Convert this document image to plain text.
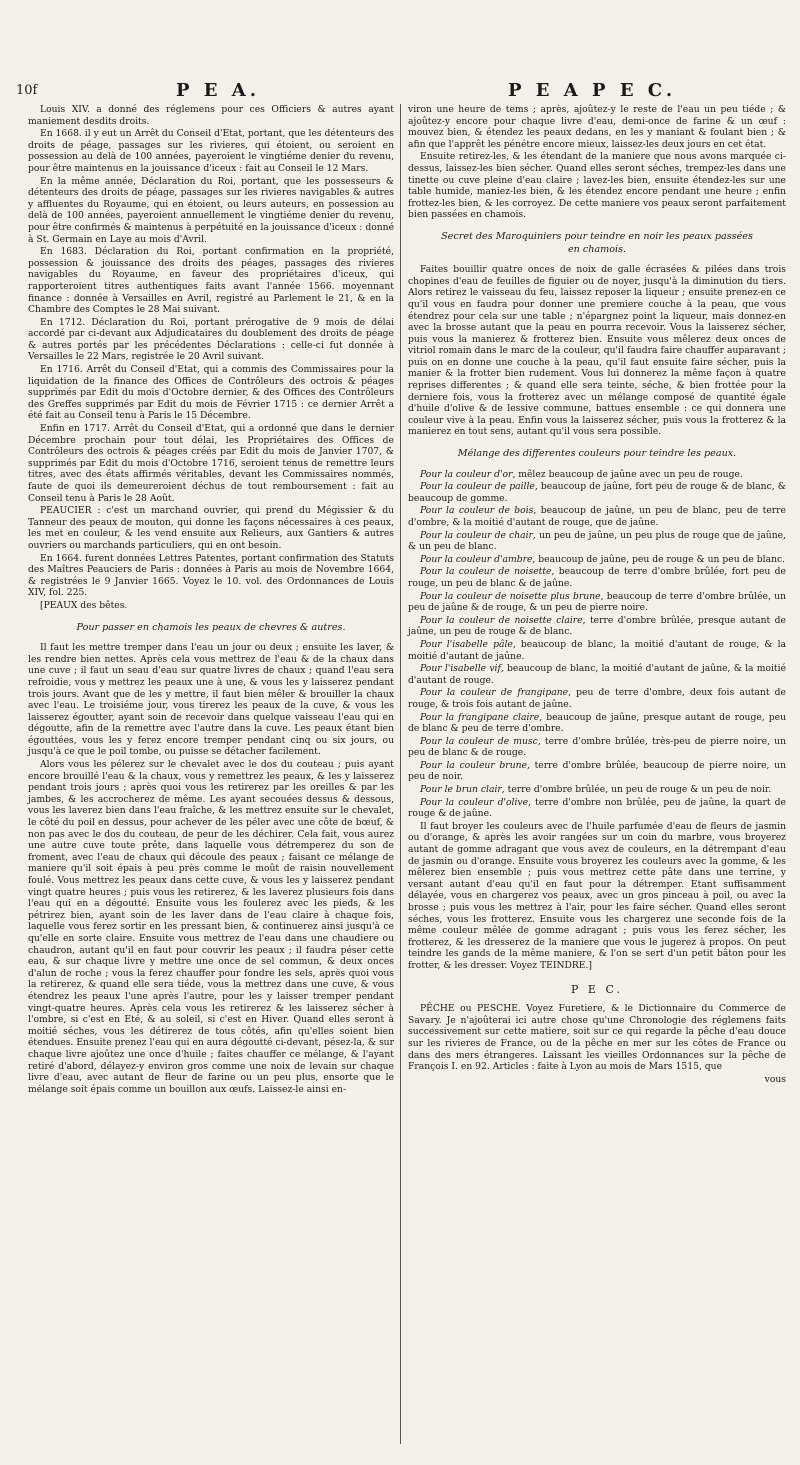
10f	P E A.	P E A P E C.

Louis XIV. a donné des réglemens pour ces Officiers & autres ayant maniement desdits droits.

En 1668. il y eut un Arrêt du Conseil d'Etat, portant, que les détenteurs des droits de péage, passages sur les rivieres, qui étoient, ou seroient en possession au delà de 100 années, payeroient le vingtiéme denier du revenu, pour être maintenus en la jouissance d'iceux : fait au Conseil le 12 Mars.

En la même année, Déclaration du Roi, portant, que les possesseurs & détenteurs des droits de péage, passages sur les rivieres navigables & autres y affluentes du Royaume, qui en étoient, ou leurs auteurs, en possession au delà de 100 années, payeroient annuellement le vingtiéme denier du revenu, pour être confirmés & maintenus à perpétuité en la jouissance d'iceux : donné à St. Germain en Laye au mois d'Avril.

En 1683. Déclaration du Roi, portant confirmation en la propriété, possession & jouissance des droits des péages, passages des rivieres navigables du Royaume, en faveur des propriétaires d'iceux, qui rapporteroient titres authentiques faits avant l'année 1566. moyennant finance : donnée à Versailles en Avril, registré au Parlement le 21, & en la Chambre des Comptes le 28 Mai suivant.

En 1712. Déclaration du Roi, portant prérogative de 9 mois de délai accordé par ci-devant aux Adjudicataires du doublement des droits de péage & autres portés par les précédentes Déclarations : celle-ci fut donnée à Versailles le 22 Mars, registrée le 20 Avril suivant.

En 1716. Arrêt du Conseil d'Etat, qui a commis des Commissaires pour la liquidation de la finance des Offices de Contrôleurs des octrois & péages supprimés par Edit du mois d'Octobre dernier, & des Offices des Contrôleurs des Greffes supprimés par Edit du mois de Février 1715 : ce dernier Arrêt a été fait au Conseil tenu à Paris le 15 Décembre.

Enfin en 1717. Arrêt du Conseil d'Etat, qui a ordonné que dans le dernier Décembre prochain pour tout délai, les Propriétaires des Offices de Contrôleurs des octrois & péages créés par Edit du mois de Janvier 1707, & supprimés par Edit du mois d'Octobre 1716, seroient tenus de remettre leurs titres, avec des états affirmés véritables, devant les Commissaires nommés, faute de quoi ils demeureroient déchus de tout remboursement : fait au Conseil tenu à Paris le 28 Août.

PEAUCIER : c'est un marchand ouvrier, qui prend du Mégissier & du Tanneur des peaux de mouton, qui donne les façons nécessaires à ces peaux, les met en couleur, & les vend ensuite aux Relieurs, aux Gantiers & autres ouvriers ou marchands particuliers, qui en ont besoin.

En 1664. furent données Lettres Patentes, portant confirmation des Statuts des Maîtres Peauciers de Paris : données à Paris au mois de Novembre 1664, & registrées le 9 Janvier 1665. Voyez le 10. vol. des Ordonnances de Louis XIV, fol. 225.

[PEAUX des bêtes.

Pour passer en chamois les peaux de chevres & autres.

Il faut les mettre tremper dans l'eau un jour ou deux ; ensuite les laver, & les rendre bien nettes. Après cela vous mettrez de l'eau & de la chaux dans une cuve ; il faut un seau d'eau sur quatre livres de chaux ; quand l'eau sera refroidie, vous y mettrez les peaux une à une, & vous les y laisserez pendant trois jours. Avant que de les y mettre, il faut bien mêler & brouiller la chaux avec l'eau. Le troisiéme jour, vous tirerez les peaux de la cuve, & vous les laisserez égoutter, ayant soin de recevoir dans quelque vaisseau l'eau qui en dégoutte, afin de la remettre avec l'autre dans la cuve. Les peaux étant bien égouttées, vous les y ferez encore tremper pendant cinq ou six jours, ou jusqu'à ce que le poil tombe, ou puisse se détacher facilement.

Alors vous les pélerez sur le chevalet avec le dos du couteau ; puis ayant encore brouillé l'eau & la chaux, vous y remettrez les peaux, & les y laisserez pendant trois jours ; après quoi vous les retirerez par les oreilles & par les jambes, & les accrocherez de même. Les ayant secouées dessus & dessous, vous les laverez bien dans l'eau fraîche, & les mettrez ensuite sur le chevalet, le côté du poil en dessus, pour achever de les péler avec une côte de bœuf, & non pas avec le dos du couteau, de peur de les déchirer. Cela fait, vous aurez une autre cuve toute prête, dans laquelle vous détremperez du son de froment, avec l'eau de chaux qui découle des peaux ; faisant ce mélange de maniere qu'il soit épais à peu près comme le moût de raisin nouvellement foulé. Vous mettrez les peaux dans cette cuve, & vous les y laisserez pendant vingt quatre heures ; puis vous les retirerez, & les laverez plusieurs fois dans l'eau qui en a dégoutté. Ensuite vous les foulerez avec les pieds, & les pétrirez bien, ayant soin de les laver dans de l'eau claire à chaque fois, laquelle vous ferez sortir en les pressant bien, & continuerez ainsi jusqu'à ce qu'elle en sorte claire. Ensuite vous mettrez de l'eau dans une chaudiere ou chaudron, autant qu'il en faut pour couvrir les peaux ; il faudra péser cette eau, & sur chaque livre y mettre une once de sel commun, & deux onces d'alun de roche ; vous la ferez chauffer pour fondre les sels, après quoi vous la retirerez, & quand elle sera tiéde, vous la mettrez dans une cuve, & vous étendrez les peaux l'une après l'autre, pour les y laisser tremper pendant vingt-quatre heures. Après cela vous les retirerez & les laisserez sécher à l'ombre, si c'est en Eté, & au soleil, si c'est en Hiver. Quand elles seront à moitié séches, vous les détirerez de tous côtés, afin qu'elles soient bien étendues. Ensuite prenez l'eau qui en aura dégoutté ci-devant, pésez-la, & sur chaque livre ajoûtez une once d'huile ; faites chauffer ce mélange, & l'ayant retiré d'abord, délayez-y environ gros comme une noix de levain sur chaque livre d'eau, avec autant de fleur de farine ou un peu plus, ensorte que le mélange soit épais comme un bouillon aux œufs. Laissez-le ainsi en-

viron une heure de tems ; après, ajoûtez-y le reste de l'eau un peu tiéde ; & ajoûtez-y encore pour chaque livre d'eau, demi-once de farine & un œuf : mouvez bien, & étendez les peaux dedans, en les y maniant & foulant bien ; & afin que l'apprêt les pénétre encore mieux, laissez-les deux jours en cet état.

Ensuite retirez-les, & les étendant de la maniere que nous avons marquée ci-dessus, laissez-les bien sécher. Quand elles seront séches, trempez-les dans une tinette ou cuve pleine d'eau claire ; lavez-les bien, ensuite étendez-les sur une table humide, maniez-les bien, & les étendez encore pendant une heure ; enfin frottez-les bien, & les corroyez. De cette maniere vos peaux seront parfaitement bien passées en chamois.

Secret des Maroquiniers pour teindre en noir les peaux passées

en chamois.

Faites bouillir quatre onces de noix de galle écrasées & pilées dans trois chopines d'eau de feuilles de figuier ou de noyer, jusqu'à la diminution du tiers. Alors retirez le vaisseau du feu, laissez reposer la liqueur ; ensuite prenez-en ce qu'il vous en faudra pour donner une premiere couche à la peau, que vous étendrez pour cela sur une table ; n'épargnez point la liqueur, mais donnez-en avec la brosse autant que la peau en pourra recevoir. Vous la laisserez sécher, puis vous la manierez & frotterez bien. Ensuite vous mêlerez deux onces de vitriol romain dans le marc de la couleur, qu'il faudra faire chauffer auparavant ; puis on en donne une couche à la peau, qu'il faut ensuite faire sécher, puis la manier & la frotter bien rudement. Vous lui donnerez la même façon à quatre reprises differentes ; & quand elle sera teinte, séche, & bien frottée pour la derniere fois, vous la frotterez avec un mélange composé de quantité égale d'huile d'olive & de lessive commune, battues ensemble : ce qui donnera une couleur vive à la peau. Enfin vous la laisserez sécher, puis vous la frotterez & la manierez en tout sens, autant qu'il vous sera possible.

Mélange des differentes couleurs pour teindre les peaux.

Pour la couleur d'or, mêlez beaucoup de jaûne avec un peu de rouge.

Pour la couleur de paille, beaucoup de jaûne, fort peu de rouge & de blanc, & beaucoup de gomme.

Pour la couleur de bois, beaucoup de jaûne, un peu de blanc, peu de terre d'ombre, & la moitié d'autant de rouge, que de jaûne.

Pour la couleur de chair, un peu de jaûne, un peu plus de rouge que de jaûne, & un peu de blanc.

Pour la couleur d'ambre, beaucoup de jaûne, peu de rouge & un peu de blanc.

Pour la couleur de noisette, beaucoup de terre d'ombre brûlée, fort peu de rouge, un peu de blanc & de jaûne.

Pour la couleur de noisette plus brune, beaucoup de terre d'ombre brûlée, un peu de jaûne & de rouge, & un peu de pierre noire.

Pour la couleur de noisette claire, terre d'ombre brûlée, presque autant de jaûne, un peu de rouge & de blanc.

Pour l'isabelle pâle, beaucoup de blanc, la moitié d'autant de rouge, & la moitié d'autant de jaûne.

Pour l'isabelle vif, beaucoup de blanc, la moitié d'autant de jaûne, & la moitié d'autant de rouge.

Pour la couleur de frangipane, peu de terre d'ombre, deux fois autant de rouge, & trois fois autant de jaûne.

Pour la frangipane claire, beaucoup de jaûne, presque autant de rouge, peu de blanc & peu de terre d'ombre.

Pour la couleur de musc, terre d'ombre brûlée, très-peu de pierre noire, un peu de blanc & de rouge.

Pour la couleur brune, terre d'ombre brûlée, beaucoup de pierre noire, un peu de noir.

Pour le brun clair, terre d'ombre brûlée, un peu de rouge & un peu de noir.

Pour la couleur d'olive, terre d'ombre non brûlée, peu de jaûne, la quart de rouge & de jaûne.

Il faut broyer les couleurs avec de l'huile parfumée d'eau de fleurs de jasmin ou d'orange, & après les avoir rangées sur un coin du marbre, vous broyerez autant de gomme adragant que vous avez de couleurs, en la détrempant d'eau de jasmin ou d'orange. Ensuite vous broyerez les couleurs avec la gomme, & les mêlerez bien ensemble ; puis vous mettrez cette pâte dans une terrine, y versant autant d'eau qu'il en faut pour la détremper. Etant suffisamment délayée, vous en chargerez vos peaux, avec un gros pinceau à poil, ou avec la brosse ; puis vous les mettrez à l'air, pour les faire sécher. Quand elles seront séches, vous les frotterez. Ensuite vous les chargerez une seconde fois de la même couleur mêlée de gomme adragant ; puis vous les ferez sécher, les frotterez, & les dresserez de la maniere que vous le jugerez à propos. On peut teindre les gands de la même maniere, & l'on se sert d'un petit bâton pour les frotter, & les dresser. Voyez TEINDRE.]

P E C.

PÊCHE ou PESCHE. Voyez Furetiere, & le Dictionnaire du Commerce de Savary. Je n'ajoûterai ici autre chose qu'une Chronologie des réglemens faits successivement sur cette matiere, soit sur ce qui regarde la pêche d'eau douce sur les rivieres de France, ou de la pêche en mer sur les côtes de France ou dans des mers étrangeres. Laissant les vieilles Ordonnances sur la pêche de François I. en 92. Articles : faite à Lyon au mois de Mars 1515, que

vous
